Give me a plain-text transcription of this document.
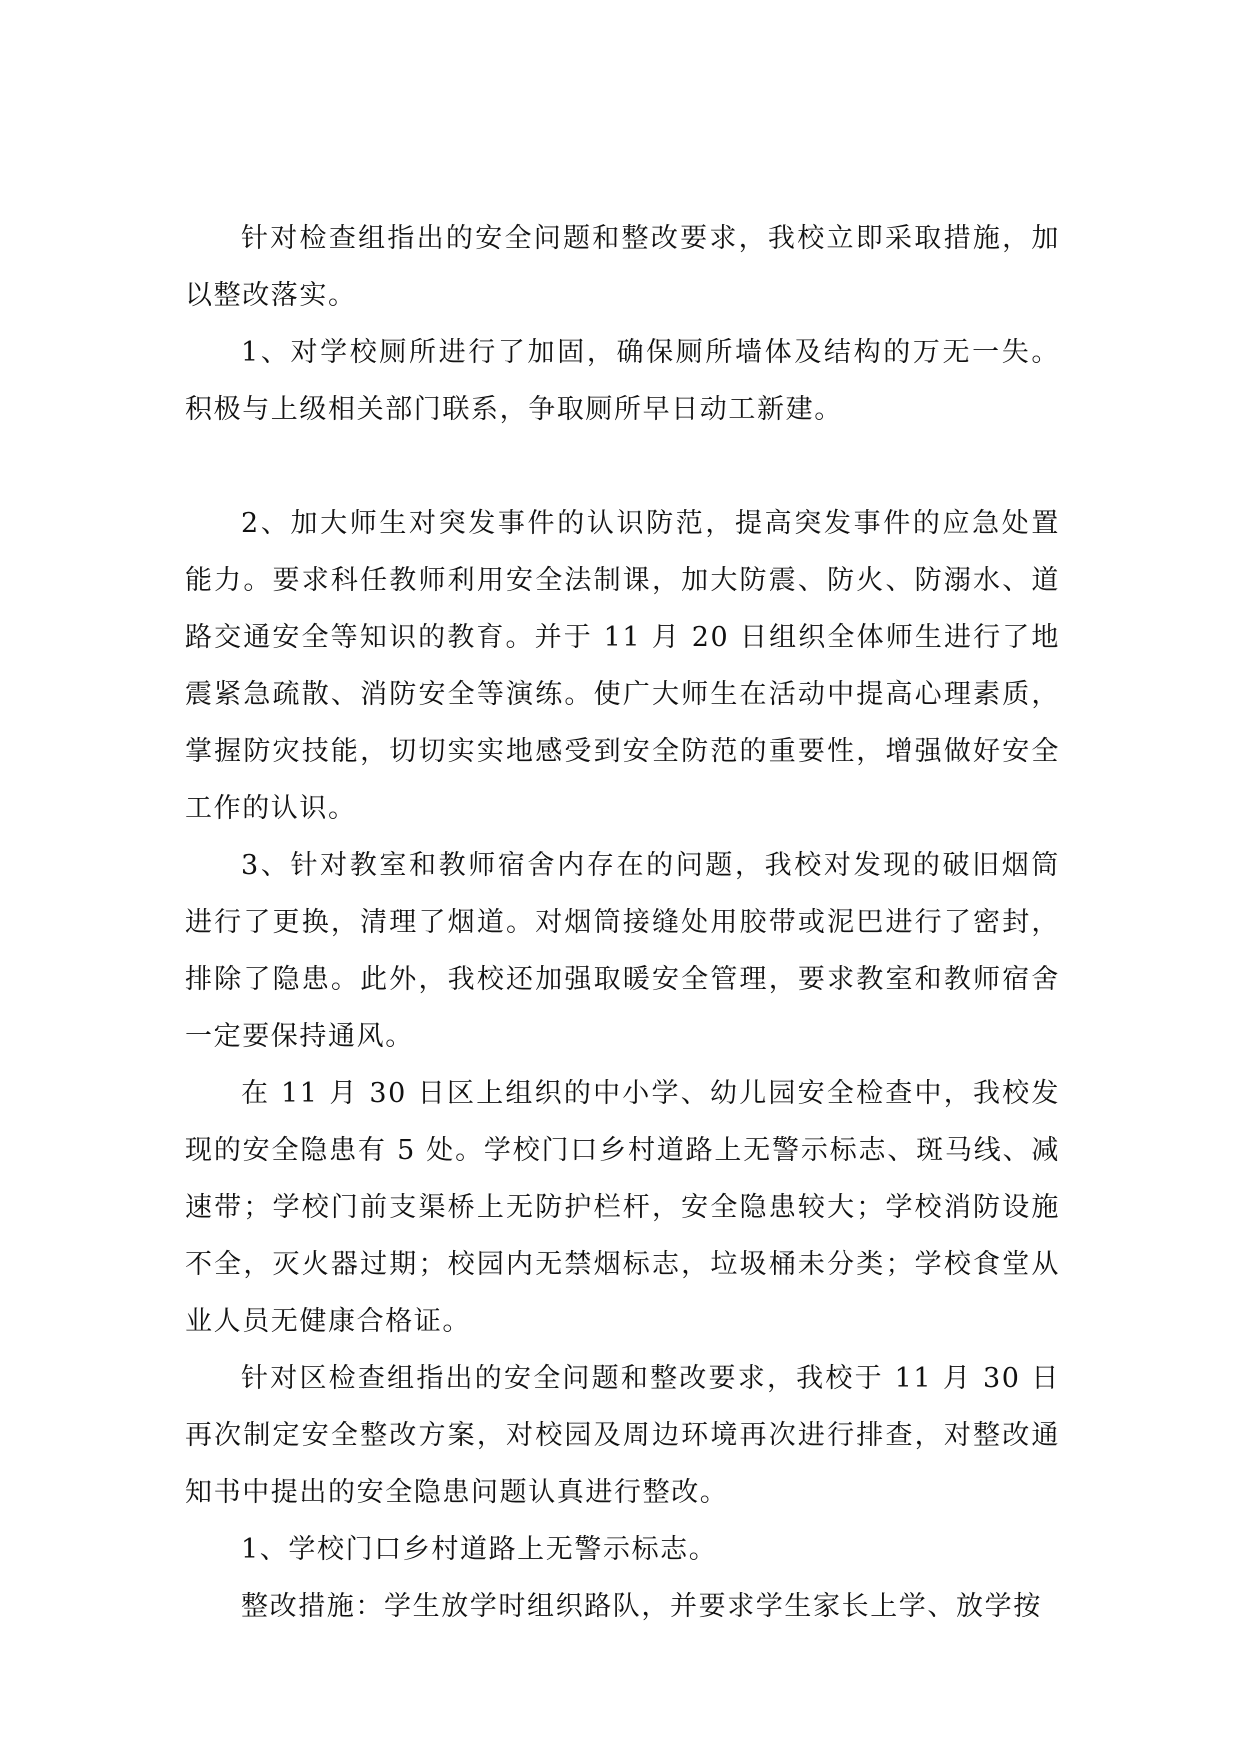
针对检查组指出的安全问题和整改要求，我校立即采取措施，加以整改落实。

1、对学校厕所进行了加固，确保厕所墙体及结构的万无一失。积极与上级相关部门联系，争取厕所早日动工新建。

2、加大师生对突发事件的认识防范，提高突发事件的应急处置能力。要求科任教师利用安全法制课，加大防震、防火、防溺水、道路交通安全等知识的教育。并于 11 月 20 日组织全体师生进行了地震紧急疏散、消防安全等演练。使广大师生在活动中提高心理素质，掌握防灾技能，切切实实地感受到安全防范的重要性，增强做好安全工作的认识。

3、针对教室和教师宿舍内存在的问题，我校对发现的破旧烟筒进行了更换，清理了烟道。对烟筒接缝处用胶带或泥巴进行了密封，排除了隐患。此外，我校还加强取暖安全管理，要求教室和教师宿舍一定要保持通风。

在 11 月 30 日区上组织的中小学、幼儿园安全检查中，我校发现的安全隐患有 5 处。学校门口乡村道路上无警示标志、斑马线、减速带；学校门前支渠桥上无防护栏杆，安全隐患较大；学校消防设施不全，灭火器过期；校园内无禁烟标志，垃圾桶未分类；学校食堂从业人员无健康合格证。

针对区检查组指出的安全问题和整改要求，我校于 11 月 30 日再次制定安全整改方案，对校园及周边环境再次进行排查，对整改通知书中提出的安全隐患问题认真进行整改。

1、学校门口乡村道路上无警示标志。

整改措施：学生放学时组织路队，并要求学生家长上学、放学按
